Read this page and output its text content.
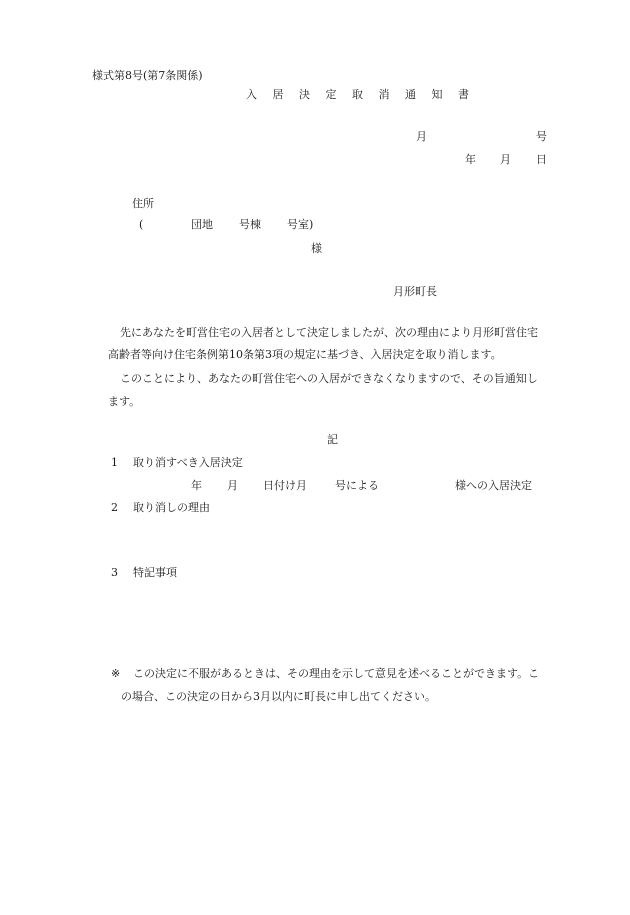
様式第8号(第7条関係)
入 居 決 定 取 消 通 知 書
月	号
年 月 日
住所
(	団地 号棟 号室)
様
月形町長
先にあなたを町営住宅の入居者として決定しましたが、次の理由により月形町営住宅
高齢者等向け住宅条例第10条第3項の規定に基づき、入居決定を取り消します。
このことにより、あなたの町営住宅への入居ができなくなりますので、その旨通知し
ます。
記
1 取り消すべき入居決定
年 月 日付け月	号による	様への入居決定
2 取り消しの理由
3 特記事項
※ この決定に不服があるときは、その理由を示して意見を述べることができます。こ
の場合、この決定の日から3月以内に町長に申し出てください。
